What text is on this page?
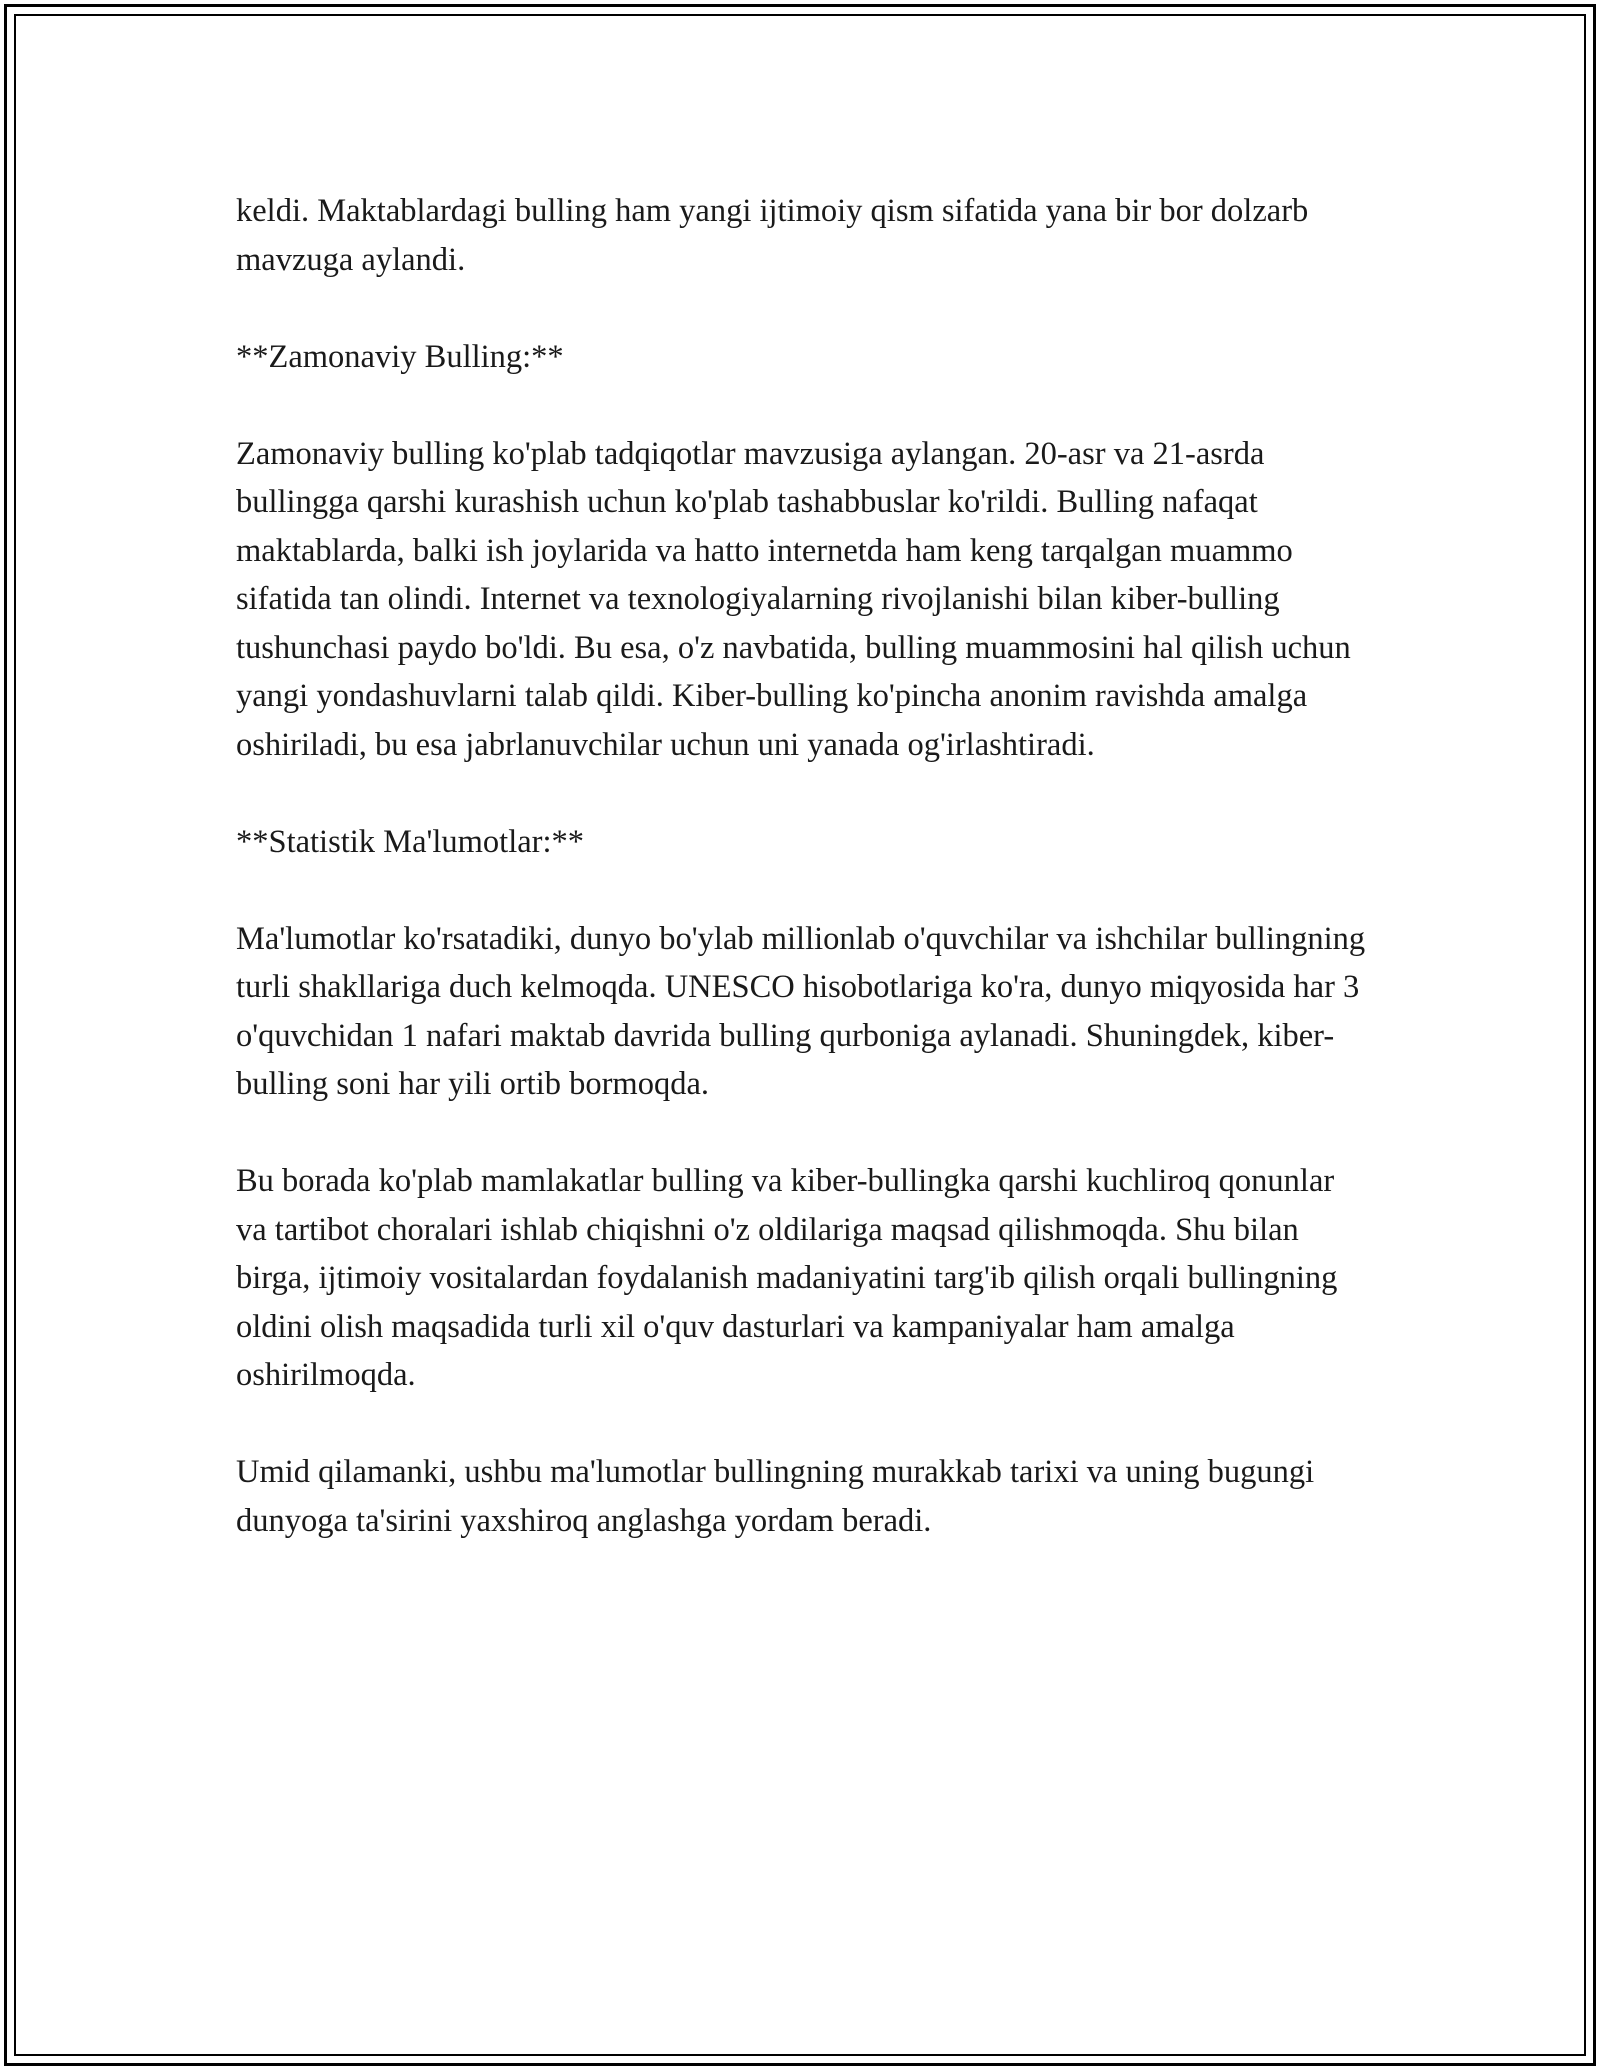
keldi. Maktablardagi bulling ham yangi ijtimoiy qism sifatida yana bir bor dolzarb mavzuga aylandi.

**Zamonaviy Bulling:**

Zamonaviy bulling ko'plab tadqiqotlar mavzusiga aylangan. 20-asr va 21-asrda bullingga qarshi kurashish uchun ko'plab tashabbuslar ko'rildi. Bulling nafaqat maktablarda, balki ish joylarida va hatto internetda ham keng tarqalgan muammo sifatida tan olindi. Internet va texnologiyalarning rivojlanishi bilan kiber-bulling tushunchasi paydo bo'ldi. Bu esa, o'z navbatida, bulling muammosini hal qilish uchun yangi yondashuvlarni talab qildi. Kiber-bulling ko'pincha anonim ravishda amalga oshiriladi, bu esa jabrlanuvchilar uchun uni yanada og'irlashtiradi.

**Statistik Ma'lumotlar:**

Ma'lumotlar ko'rsatadiki, dunyo bo'ylab millionlab o'quvchilar va ishchilar bullingning turli shakllariga duch kelmoqda. UNESCO hisobotlariga ko'ra, dunyo miqyosida har 3 o'quvchidan 1 nafari maktab davrida bulling qurboniga aylanadi. Shuningdek, kiber-bulling soni har yili ortib bormoqda.

Bu borada ko'plab mamlakatlar bulling va kiber-bullingka qarshi kuchliroq qonunlar va tartibot choralari ishlab chiqishni o'z oldilariga maqsad qilishmoqda. Shu bilan birga, ijtimoiy vositalardan foydalanish madaniyatini targ'ib qilish orqali bullingning oldini olish maqsadida turli xil o'quv dasturlari va kampaniyalar ham amalga oshirilmoqda.

Umid qilamanki, ushbu ma'lumotlar bullingning murakkab tarixi va uning bugungi dunyoga ta'sirini yaxshiroq anglashga yordam beradi.
